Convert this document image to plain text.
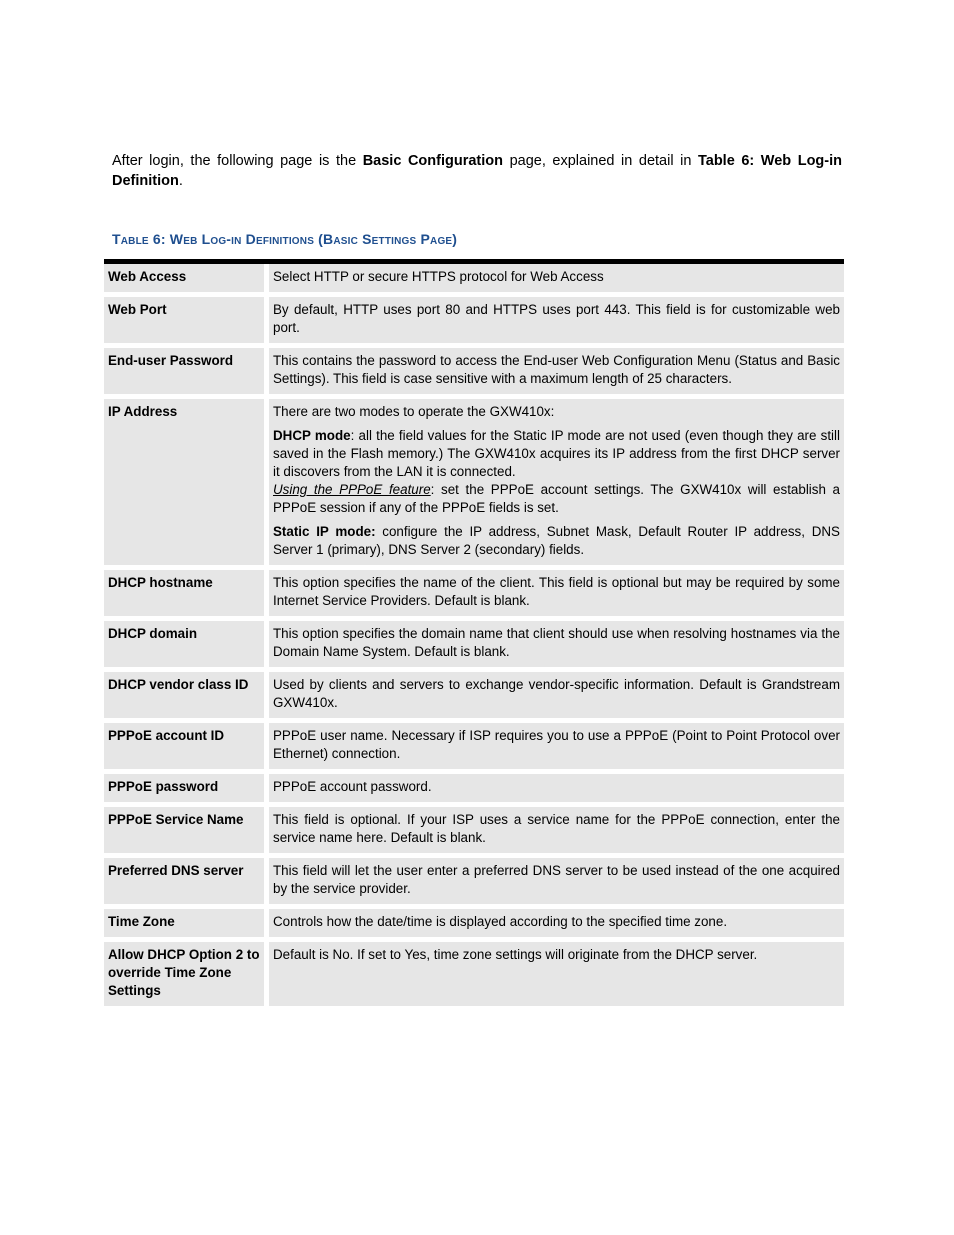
After login, the following page is the Basic Configuration page, explained in detail in Table 6: Web Log-in Definition.

Table 6: Web Log-in Definitions (Basic Settings Page)

Web Access	Select HTTP or secure HTTPS protocol for Web Access
Web Port	By default, HTTP uses port 80 and HTTPS uses port 443. This field is for customizable web port.
End-user Password	This contains the password to access the End-user Web Configuration Menu (Status and Basic Settings). This field is case sensitive with a maximum length of 25 characters.
IP Address	There are two modes to operate the GXW410x:

DHCP mode: all the field values for the Static IP mode are not used (even though they are still saved in the Flash memory.) The GXW410x acquires its IP address from the first DHCP server it discovers from the LAN it is connected.

Using the PPPoE feature: set the PPPoE account settings. The GXW410x will establish a PPPoE session if any of the PPPoE fields is set.

Static IP mode: configure the IP address, Subnet Mask, Default Router IP address, DNS Server 1 (primary), DNS Server 2 (secondary) fields.

DHCP hostname	This option specifies the name of the client. This field is optional but may be required by some Internet Service Providers. Default is blank.
DHCP domain	This option specifies the domain name that client should use when resolving hostnames via the Domain Name System. Default is blank.
DHCP vendor class ID	Used by clients and servers to exchange vendor-specific information. Default is Grandstream GXW410x.
PPPoE account ID	PPPoE user name. Necessary if ISP requires you to use a PPPoE (Point to Point Protocol over Ethernet) connection.
PPPoE password	PPPoE account password.
PPPoE Service Name	This field is optional. If your ISP uses a service name for the PPPoE connection, enter the service name here. Default is blank.
Preferred DNS server	This field will let the user enter a preferred DNS server to be used instead of the one acquired by the service provider.
Time Zone	Controls how the date/time is displayed according to the specified time zone.
Allow DHCP Option 2 to override Time Zone Settings	Default is No. If set to Yes, time zone settings will originate from the DHCP server.
